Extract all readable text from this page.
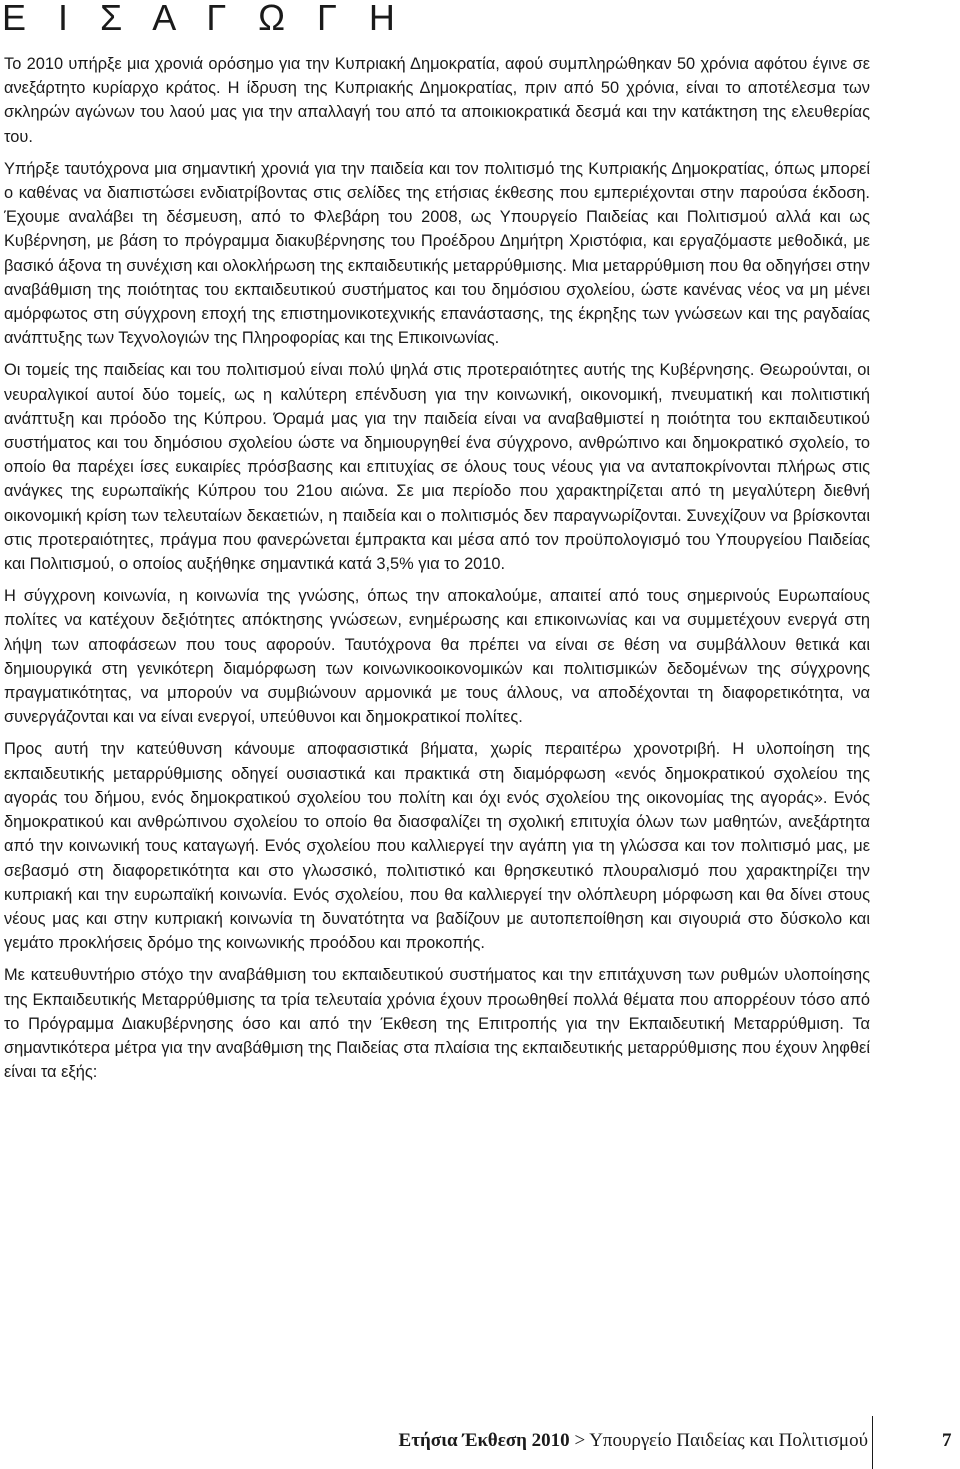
Ε Ι Σ Α Γ Ω Γ Η

Το 2010 υπήρξε μια χρονιά ορόσημο για την Κυπριακή Δημοκρατία, αφού συμπληρώθηκαν 50 χρόνια αφότου έγινε σε ανεξάρτητο κυρίαρχο κράτος. Η ίδρυση της Κυπριακής Δημοκρατίας, πριν από 50 χρόνια, είναι το αποτέλεσμα των σκληρών αγώνων του λαού μας για την απαλλαγή του από τα αποικιοκρατικά δεσμά και την κατάκτηση της ελευθερίας του.

Υπήρξε ταυτόχρονα μια σημαντική χρονιά για την παιδεία και τον πολιτισμό της Κυπριακής Δημοκρατίας, όπως μπορεί ο καθένας να διαπιστώσει ενδιατρίβοντας στις σελίδες της ετήσιας έκθεσης που εμπεριέχονται στην παρούσα έκδοση. Έχουμε αναλάβει τη δέσμευση, από το Φλεβάρη του 2008, ως Υπουργείο Παιδείας και Πολιτισμού αλλά και ως Κυβέρνηση, με βάση το πρόγραμμα διακυβέρνησης του Προέδρου Δημήτρη Χριστόφια, και εργαζόμαστε μεθοδικά, με βασικό άξονα τη συνέχιση και ολοκλήρωση της εκπαιδευτικής μεταρρύθμισης. Μια μεταρρύθμιση που θα οδηγήσει στην αναβάθμιση της ποιότητας του εκπαιδευτικού συστήματος και του δημόσιου σχολείου, ώστε κανένας νέος να μη μένει αμόρφωτος στη σύγχρονη εποχή της επιστημονικοτεχνικής επανάστασης, της έκρηξης των γνώσεων και της ραγδαίας ανάπτυξης των Τεχνολογιών της Πληροφορίας και της Επικοινωνίας.

Οι τομείς της παιδείας και του πολιτισμού είναι πολύ ψηλά στις προτεραιότητες αυτής της Κυβέρνησης. Θεωρούνται, οι νευραλγικοί αυτοί δύο τομείς, ως η καλύτερη επένδυση για την κοινωνική, οικονομική, πνευματική και πολιτιστική ανάπτυξη και πρόοδο της Κύπρου. Όραμά μας για την παιδεία είναι να αναβαθμιστεί η ποιότητα του εκπαιδευτικού συστήματος και του δημόσιου σχολείου ώστε να δημιουργηθεί ένα σύγχρονο, ανθρώπινο και δημοκρατικό σχολείο, το οποίο θα παρέχει ίσες ευκαιρίες πρόσβασης και επιτυχίας σε όλους τους νέους για να ανταποκρίνονται πλήρως στις ανάγκες της ευρωπαϊκής Κύπρου του 21ου αιώνα. Σε μια περίοδο που χαρακτηρίζεται από τη μεγαλύτερη διεθνή οικονομική κρίση των τελευταίων δεκαετιών, η παιδεία και ο πολιτισμός δεν παραγνωρίζονται. Συνεχίζουν να βρίσκονται στις προτεραιότητες, πράγμα που φανερώνεται έμπρακτα και μέσα από τον προϋπολογισμό του Υπουργείου Παιδείας και Πολιτισμού, ο οποίος αυξήθηκε σημαντικά κατά 3,5% για το 2010.

Η σύγχρονη κοινωνία, η κοινωνία της γνώσης, όπως την αποκαλούμε, απαιτεί από τους σημερινούς Ευρωπαίους πολίτες να κατέχουν δεξιότητες απόκτησης γνώσεων, ενημέρωσης και επικοινωνίας και να συμμετέχουν ενεργά στη λήψη των αποφάσεων που τους αφορούν. Ταυτόχρονα θα πρέπει να είναι σε θέση να συμβάλλουν θετικά και δημιουργικά στη γενικότερη διαμόρφωση των κοινωνικοοικονομικών και πολιτισμικών δεδομένων της σύγχρονης πραγματικότητας, να μπορούν να συμβιώνουν αρμονικά με τους άλλους, να αποδέχονται τη διαφορετικότητα, να συνεργάζονται και να είναι ενεργοί, υπεύθυνοι και δημοκρατικοί πολίτες.

Προς αυτή την κατεύθυνση κάνουμε αποφασιστικά βήματα, χωρίς περαιτέρω χρονοτριβή. Η υλοποίηση της εκπαιδευτικής μεταρρύθμισης οδηγεί ουσιαστικά και πρακτικά στη διαμόρφωση «ενός δημοκρατικού σχολείου της αγοράς του δήμου, ενός δημοκρατικού σχολείου του πολίτη και όχι ενός σχολείου της οικονομίας της αγοράς». Ενός δημοκρατικού και ανθρώπινου σχολείου το οποίο θα διασφαλίζει τη σχολική επιτυχία όλων των μαθητών, ανεξάρτητα από την κοινωνική τους καταγωγή. Ενός σχολείου που καλλιεργεί την αγάπη για τη γλώσσα και τον πολιτισμό μας, με σεβασμό στη διαφορετικότητα και στο γλωσσικό, πολιτιστικό και θρησκευτικό πλουραλισμό που χαρακτηρίζει την κυπριακή και την ευρωπαϊκή κοινωνία. Ενός σχολείου, που θα καλλιεργεί την ολόπλευρη μόρφωση και θα δίνει στους νέους μας και στην κυπριακή κοινωνία τη δυνατότητα να βαδίζουν με αυτοπεποίθηση και σιγουριά στο δύσκολο και γεμάτο προκλήσεις δρόμο της κοινωνικής προόδου και προκοπής.

Με κατευθυντήριο στόχο την αναβάθμιση του εκπαιδευτικού συστήματος και την επιτάχυνση των ρυθμών υλοποίησης της Εκπαιδευτικής Μεταρρύθμισης τα τρία τελευταία χρόνια έχουν προωθηθεί πολλά θέματα που απορρέουν τόσο από το Πρόγραμμα Διακυβέρνησης όσο και από την Έκθεση της Επιτροπής για την Εκπαιδευτική Μεταρρύθμιση. Τα σημαντικότερα μέτρα για την αναβάθμιση της Παιδείας στα πλαίσια της εκπαιδευτικής μεταρρύθμισης που έχουν ληφθεί είναι τα εξής:

Ετήσια Έκθεση 2010 > Υπουργείο Παιδείας και Πολιτισμού	7
